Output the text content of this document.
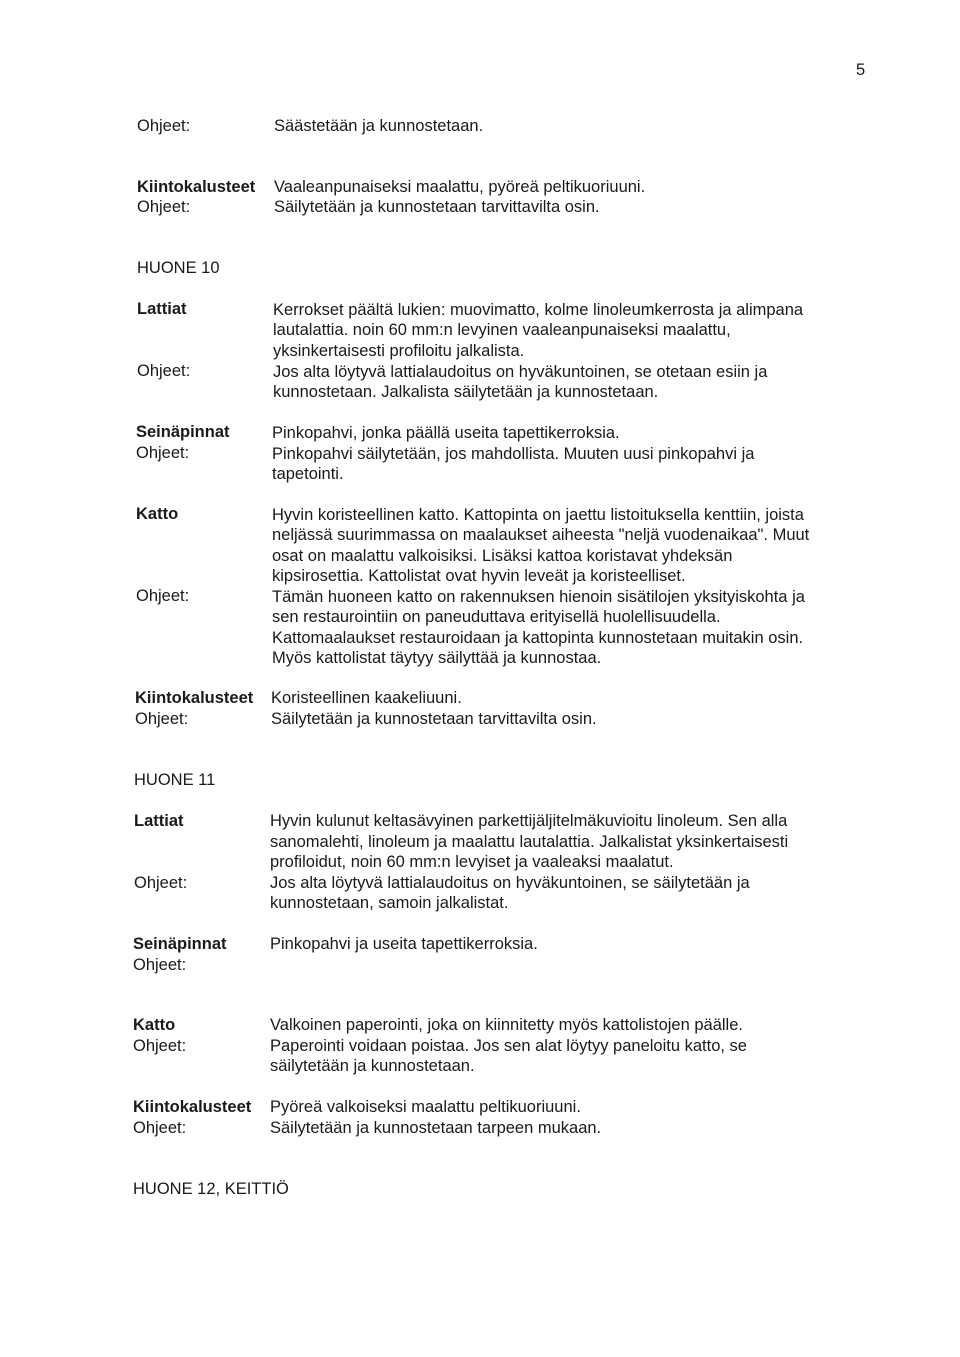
5
Ohjeet:	Säästetään ja kunnostetaan.
Kiintokalusteet Vaaleanpunaiseksi maalattu, pyöreä peltikuoriuuni.
Ohjeet:	Säilytetään ja kunnostetaan tarvittavilta osin.
HUONE 10
Lattiat	Kerrokset päältä lukien: muovimatto, kolme linoleumkerrosta ja alimpana
lautalattia. noin 60 mm:n levyinen vaaleanpunaiseksi maalattu,
yksinkertaisesti profiloitu jalkalista.
Ohjeet:	Jos alta löytyvä lattialaudoitus on hyväkuntoinen, se otetaan esiin ja
kunnostetaan. Jalkalista säilytetään ja kunnostetaan.
Seinäpinnat	Pinkopahvi, jonka päällä useita tapettikerroksia.
Ohjeet:	Pinkopahvi säilytetään, jos mahdollista. Muuten uusi pinkopahvi ja
tapetointi.
Katto	Hyvin koristeellinen katto. Kattopinta on jaettu listoituksella kenttiin, joista
neljässä suurimmassa on maalaukset aiheesta "neljä vuodenaikaa". Muut
osat on maalattu valkoisiksi. Lisäksi kattoa koristavat yhdeksän
kipsirosettia. Kattolistat ovat hyvin leveät ja koristeelliset.
Ohjeet:	Tämän huoneen katto on rakennuksen hienoin sisätilojen yksityiskohta ja
sen restaurointiin on paneuduttava erityisellä huolellisuudella.
Kattomaalaukset restauroidaan ja kattopinta kunnostetaan muitakin osin.
Myös kattolistat täytyy säilyttää ja kunnostaa.
Kiintokalusteet Koristeellinen kaakeliuuni.
Ohjeet:	Säilytetään ja kunnostetaan tarvittavilta osin.
HUONE 11
Lattiat	Hyvin kulunut keltasävyinen parkettijäljitelmäkuvioitu linoleum. Sen alla
sanomalehti, linoleum ja maalattu lautalattia. Jalkalistat yksinkertaisesti
profiloidut, noin 60 mm:n levyiset ja vaaleaksi maalatut.
Ohjeet:	Jos alta löytyvä lattialaudoitus on hyväkuntoinen, se säilytetään ja
kunnostetaan, samoin jalkalistat.
Seinäpinnat	Pinkopahvi ja useita tapettikerroksia.
Ohjeet:
Katto	Valkoinen paperointi, joka on kiinnitetty myös kattolistojen päälle.
Ohjeet:	Paperointi voidaan poistaa. Jos sen alat löytyy paneloitu katto, se
säilytetään ja kunnostetaan.
Kiintokalusteet Pyöreä valkoiseksi maalattu peltikuoriuuni.
Ohjeet:	Säilytetään ja kunnostetaan tarpeen mukaan.
HUONE 12, KEITTIÖ
